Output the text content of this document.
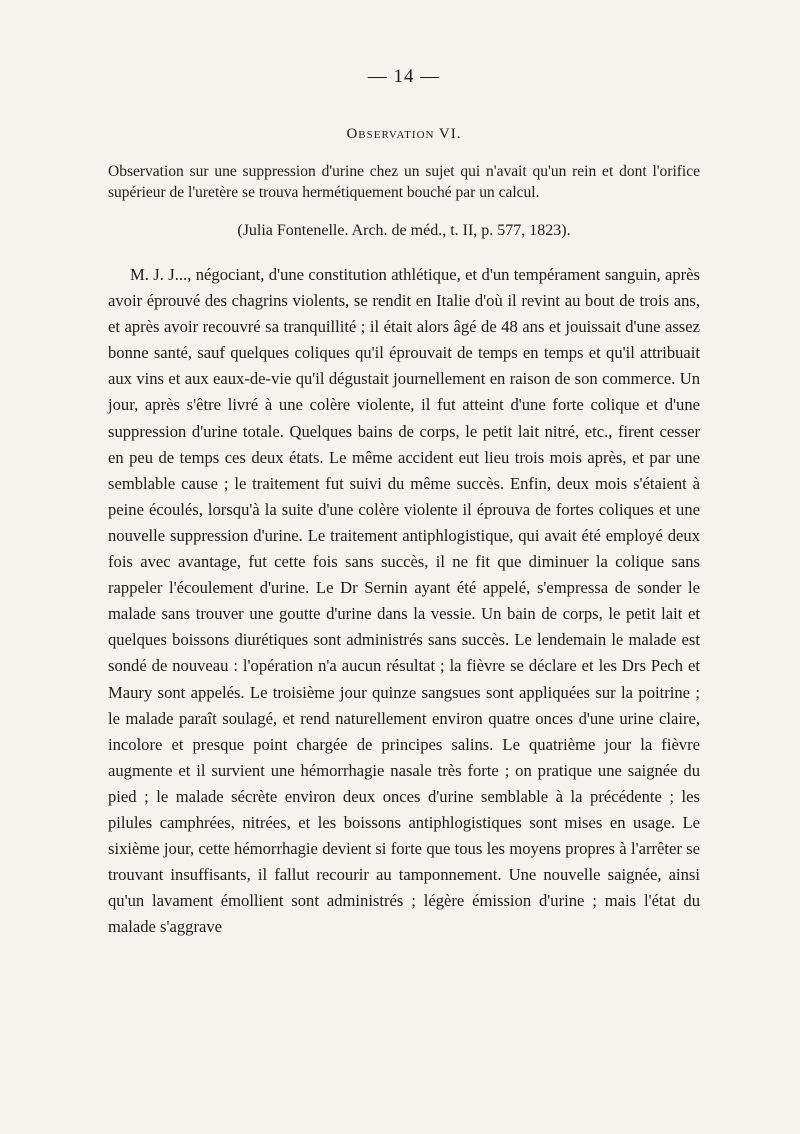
— 14 —
Observation VI.

Observation sur une suppression d'urine chez un sujet qui n'avait qu'un rein et dont l'orifice supérieur de l'uretère se trouva hermétiquement bouché par un calcul.

(Julia Fontenelle. Arch. de méd., t. II, p. 577, 1823).

M. J. J..., négociant, d'une constitution athlétique, et d'un tempérament sanguin, après avoir éprouvé des chagrins violents, se rendit en Italie d'où il revint au bout de trois ans, et après avoir recouvré sa tranquillité ; il était alors âgé de 48 ans et jouissait d'une assez bonne santé, sauf quelques coliques qu'il éprouvait de temps en temps et qu'il attribuait aux vins et aux eaux-de-vie qu'il dégustait journellement en raison de son commerce. Un jour, après s'être livré à une colère violente, il fut atteint d'une forte colique et d'une suppression d'urine totale. Quelques bains de corps, le petit lait nitré, etc., firent cesser en peu de temps ces deux états. Le même accident eut lieu trois mois après, et par une semblable cause ; le traitement fut suivi du même succès. Enfin, deux mois s'étaient à peine écoulés, lorsqu'à la suite d'une colère violente il éprouva de fortes coliques et une nouvelle suppression d'urine. Le traitement antiphlogistique, qui avait été employé deux fois avec avantage, fut cette fois sans succès, il ne fit que diminuer la colique sans rappeler l'écoulement d'urine. Le Dr Sernin ayant été appelé, s'empressa de sonder le malade sans trouver une goutte d'urine dans la vessie. Un bain de corps, le petit lait et quelques boissons diurétiques sont administrés sans succès. Le lendemain le malade est sondé de nouveau : l'opération n'a aucun résultat ; la fièvre se déclare et les Drs Pech et Maury sont appelés. Le troisième jour quinze sangsues sont appliquées sur la poitrine ; le malade paraît soulagé, et rend naturellement environ quatre onces d'une urine claire, incolore et presque point chargée de principes salins. Le quatrième jour la fièvre augmente et il survient une hémorrhagie nasale très forte ; on pratique une saignée du pied ; le malade sécrète environ deux onces d'urine semblable à la précédente ; les pilules camphrées, nitrées, et les boissons antiphlogistiques sont mises en usage. Le sixième jour, cette hémorrhagie devient si forte que tous les moyens propres à l'arrêter se trouvant insuffisants, il fallut recourir au tamponnement. Une nouvelle saignée, ainsi qu'un lavament émollient sont administrés ; légère émission d'urine ; mais l'état du malade s'aggrave
